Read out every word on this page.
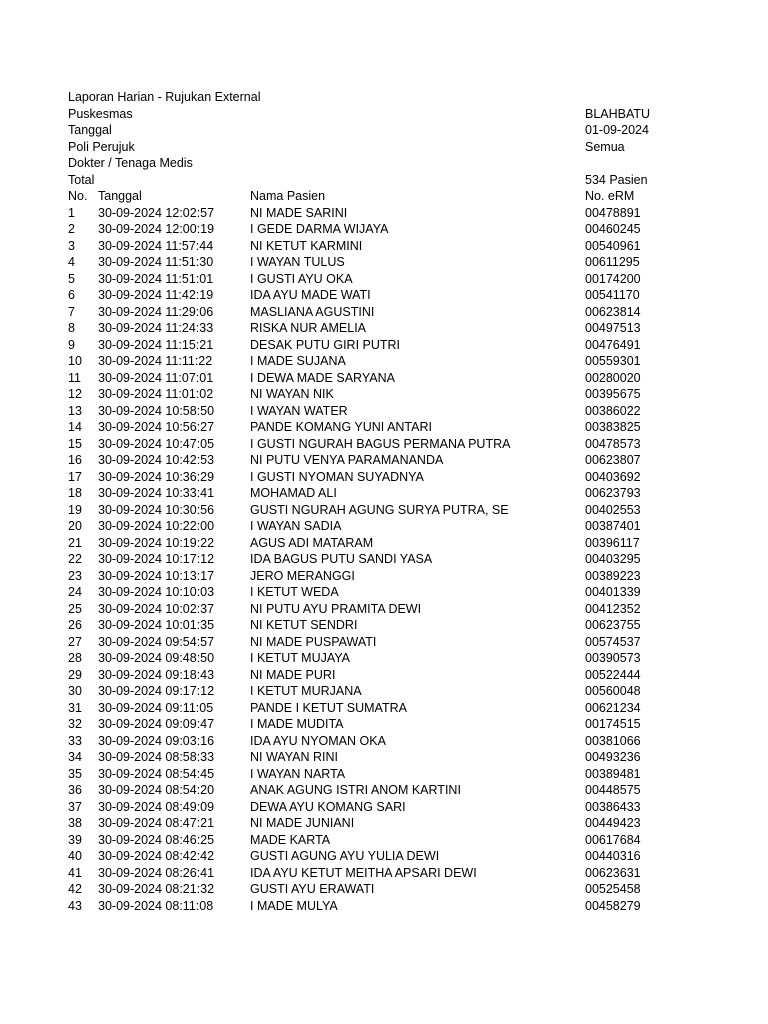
Laporan Harian - Rujukan External
Puskesmas	BLAHBATU
Tanggal	01-09-2024
Poli Perujuk	Semua
Dokter / Tenaga Medis
Total	534 Pasien
No. Tanggal	Nama Pasien	No. eRM
1 30-09-2024 12:02:57	NI MADE SARINI	00478891
2 30-09-2024 12:00:19	I GEDE DARMA WIJAYA	00460245
3 30-09-2024 11:57:44	NI KETUT KARMINI	00540961
4 30-09-2024 11:51:30	I WAYAN TULUS	00611295
5 30-09-2024 11:51:01	I GUSTI AYU OKA	00174200
6 30-09-2024 11:42:19	IDA AYU MADE WATI	00541170
7 30-09-2024 11:29:06	MASLIANA AGUSTINI	00623814
8 30-09-2024 11:24:33	RISKA NUR AMELIA	00497513
9 30-09-2024 11:15:21	DESAK PUTU GIRI PUTRI	00476491
10 30-09-2024 11:11:22	I MADE SUJANA	00559301
11 30-09-2024 11:07:01	I DEWA MADE SARYANA	00280020
12 30-09-2024 11:01:02	NI WAYAN NIK	00395675
13 30-09-2024 10:58:50	I WAYAN WATER	00386022
14 30-09-2024 10:56:27	PANDE KOMANG YUNI ANTARI	00383825
15 30-09-2024 10:47:05	I GUSTI NGURAH BAGUS PERMANA PUTRA	00478573
16 30-09-2024 10:42:53	NI PUTU VENYA PARAMANANDA	00623807
17 30-09-2024 10:36:29	I GUSTI NYOMAN SUYADNYA	00403692
18 30-09-2024 10:33:41	MOHAMAD ALI	00623793
19 30-09-2024 10:30:56	GUSTI NGURAH AGUNG SURYA PUTRA, SE	00402553
20 30-09-2024 10:22:00	I WAYAN SADIA	00387401
21 30-09-2024 10:19:22	AGUS ADI MATARAM	00396117
22 30-09-2024 10:17:12	IDA BAGUS PUTU SANDI YASA	00403295
23 30-09-2024 10:13:17	JERO MERANGGI	00389223
24 30-09-2024 10:10:03	I KETUT WEDA	00401339
25 30-09-2024 10:02:37	NI PUTU AYU PRAMITA DEWI	00412352
26 30-09-2024 10:01:35	NI KETUT SENDRI	00623755
27 30-09-2024 09:54:57	NI MADE PUSPAWATI	00574537
28 30-09-2024 09:48:50	I KETUT MUJAYA	00390573
29 30-09-2024 09:18:43	NI MADE PURI	00522444
30 30-09-2024 09:17:12	I KETUT MURJANA	00560048
31 30-09-2024 09:11:05	PANDE I KETUT SUMATRA	00621234
32 30-09-2024 09:09:47	I MADE MUDITA	00174515
33 30-09-2024 09:03:16	IDA AYU NYOMAN OKA	00381066
34 30-09-2024 08:58:33	NI WAYAN RINI	00493236
35 30-09-2024 08:54:45	I WAYAN NARTA	00389481
36 30-09-2024 08:54:20	ANAK AGUNG ISTRI ANOM KARTINI	00448575
37 30-09-2024 08:49:09	DEWA AYU KOMANG SARI	00386433
38 30-09-2024 08:47:21	NI MADE JUNIANI	00449423
39 30-09-2024 08:46:25	MADE KARTA	00617684
40 30-09-2024 08:42:42	GUSTI AGUNG AYU YULIA DEWI	00440316
41 30-09-2024 08:26:41	IDA AYU KETUT MEITHA APSARI DEWI	00623631
42 30-09-2024 08:21:32	GUSTI AYU ERAWATI	00525458
43 30-09-2024 08:11:08	I MADE MULYA	00458279
